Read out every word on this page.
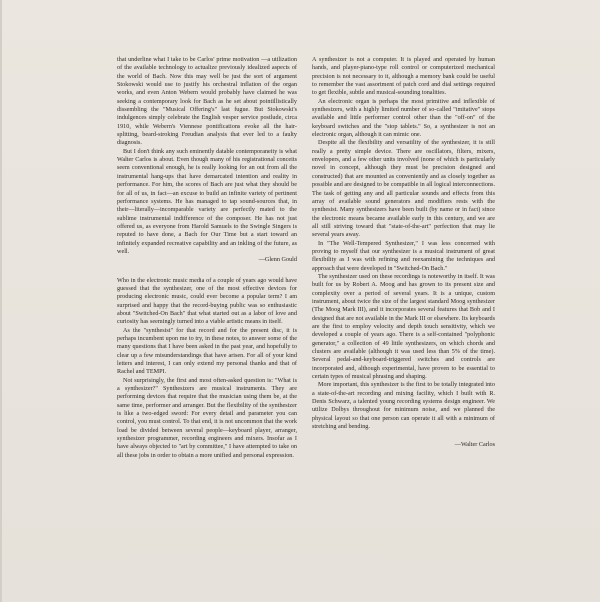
that underline what I take to be Carlos' prime motivation —a utilization of the available technology to actualize previously idealized aspects of the world of Bach. Now this may well be just the sort of argument Stokowski would use to justify his orchestral inflation of the organ works, and even Anton Webern would probably have claimed he was seeking a contemporary look for Bach as he set about pointillistically dissembling the "Musical Offering's" last fugue. But Stokowski's indulgences simply celebrate the English vesper service postlude, circa 1910, while Webern's Viennese pontifications evoke all the hair-splitting, beard-stroking Freudian analysis that ever led to a faulty diagnosis.

But I don't think any such eminently datable contemporaneity is what Walter Carlos is about. Even though many of his registrational conceits seem conventional enough, he is really looking for an out from all the instrumental hang-ups that have demarcated intention and reality in performance. For him, the scores of Bach are just what they should be for all of us, in fact—an excuse to build an infinite variety of pertinent performance systems. He has managed to tap sound-sources that, in their—literally—incomparable variety are perfectly mated to the sublime instrumental indifference of the composer. He has not just offered us, as everyone from Harold Samuels to the Swingle Singers is reputed to have done, a Bach for Our Time but a start toward an infinitely expanded recreative capability and an inkling of the future, as well.

—Glenn Gould

Who in the electronic music media of a couple of years ago would have guessed that the synthesizer, one of the most effective devices for producing electronic music, could ever become a popular term? I am surprised and happy that the record-buying public was so enthusiastic about "Switched-On Bach" that what started out as a labor of love and curiosity has seemingly turned into a viable artistic means in itself.

As the "synthesist" for that record and for the present disc, it is perhaps incumbent upon me to try, in these notes, to answer some of the many questions that I have been asked in the past year, and hopefully to clear up a few misunderstandings that have arisen. For all of your kind letters and interest, I can only extend my personal thanks and that of Rachel and TEMPI.

Not surprisingly, the first and most often-asked question is: "What is a synthesizer?" Synthesizers are musical instruments. They are performing devices that require that the musician using them be, at the same time, performer and arranger. But the flexibility of the synthesizer is like a two-edged sword: For every detail and parameter you can control, you must control. To that end, it is not uncommon that the work load be divided between several people—keyboard player, arranger, synthesizer programmer, recording engineers and mixers. Insofar as I have always objected to "art by committee," I have attempted to take on all these jobs in order to obtain a more unified and personal expression.

A synthesizer is not a computer. It is played and operated by human hands, and player-piano-type roll control or computerized mechanical precision is not necessary to it, although a memory bank could be useful to remember the vast assortment of patch cord and dial settings required to get flexible, subtle and musical-sounding tonalities.

An electronic organ is perhaps the most primitive and inflexible of synthesizers, with a highly limited number of so-called "imitative" stops available and little performer control other than the "off-on" of the keyboard switches and the "stop tablets." So, a synthesizer is not an electronic organ, although it can mimic one.

Despite all the flexibility and versatility of the synthesizer, it is still really a pretty simple device. There are oscillators, filters, mixers, envelopers, and a few other units involved (none of which is particularly novel in concept, although they must be precision designed and constructed) that are mounted as conveniently and as closely together as possible and are designed to be compatible in all logical interconnections. The task of getting any and all particular sounds and effects from this array of available sound generators and modifiers rests with the synthesist. Many synthesizers have been built (by name or in fact) since the electronic means became available early in this century, and we are all still striving toward that "state-of-the-art" perfection that may lie several years away.

In "The Well-Tempered Synthesizer," I was less concerned with proving to myself that our synthesizer is a musical instrument of great flexibility as I was with refining and reexamining the techniques and approach that were developed in "Switched-On Bach."

The synthesizer used on these recordings is noteworthy in itself. It was built for us by Robert A. Moog and has grown to its present size and complexity over a period of several years. It is a unique, custom instrument, about twice the size of the largest standard Moog synthesizer (The Moog Mark III), and it incorporates several features that Bob and I designed that are not available in the Mark III or elsewhere. Its keyboards are the first to employ velocity and depth touch sensitivity, which we developed a couple of years ago. There is a self-contained "polyphonic generator," a collection of 49 little synthesizers, on which chords and clusters are available (although it was used less than 5% of the time). Several pedal-and-keyboard-triggered switches and controls are incorporated and, although experimental, have proven to be essential to certain types of musical phrasing and shaping.

More important, this synthesizer is the first to be totally integrated into a state-of-the-art recording and mixing facility, which I built with R. Denis Schwarz, a talented young recording systems design engineer. We utilize Dolbys throughout for minimum noise, and we planned the physical layout so that one person can operate it all with a minimum of stretching and bending.

—Walter Carlos
